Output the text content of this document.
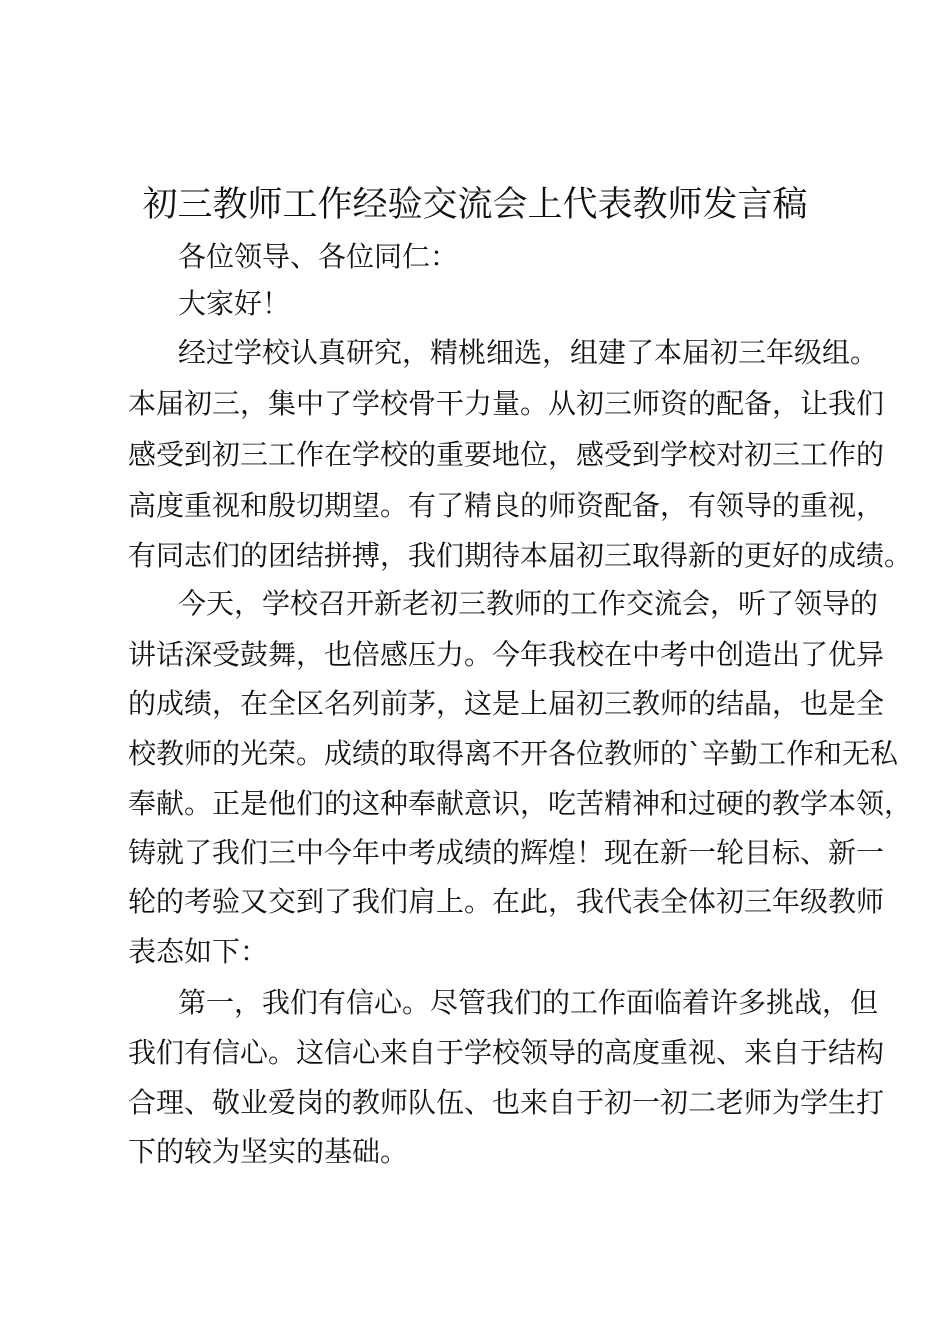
初三教师工作经验交流会上代表教师发言稿

各位领导、各位同仁：

大家好！

经过学校认真研究，精桃细选，组建了本届初三年级组。

本届初三，集中了学校骨干力量。从初三师资的配备，让我们

感受到初三工作在学校的重要地位，感受到学校对初三工作的

高度重视和殷切期望。有了精良的师资配备，有领导的重视，

有同志们的团结拼搏，我们期待本届初三取得新的更好的成绩。

今天，学校召开新老初三教师的工作交流会，听了领导的

讲话深受鼓舞，也倍感压力。今年我校在中考中创造出了优异

的成绩，在全区名列前茅，这是上届初三教师的结晶，也是全

校教师的光荣。成绩的取得离不开各位教师的`辛勤工作和无私

奉献。正是他们的这种奉献意识，吃苦精神和过硬的教学本领，

铸就了我们三中今年中考成绩的辉煌！现在新一轮目标、新一

轮的考验又交到了我们肩上。在此，我代表全体初三年级教师

表态如下：

第一，我们有信心。尽管我们的工作面临着许多挑战，但

我们有信心。这信心来自于学校领导的高度重视、来自于结构

合理、敬业爱岗的教师队伍、也来自于初一初二老师为学生打

下的较为坚实的基础。
